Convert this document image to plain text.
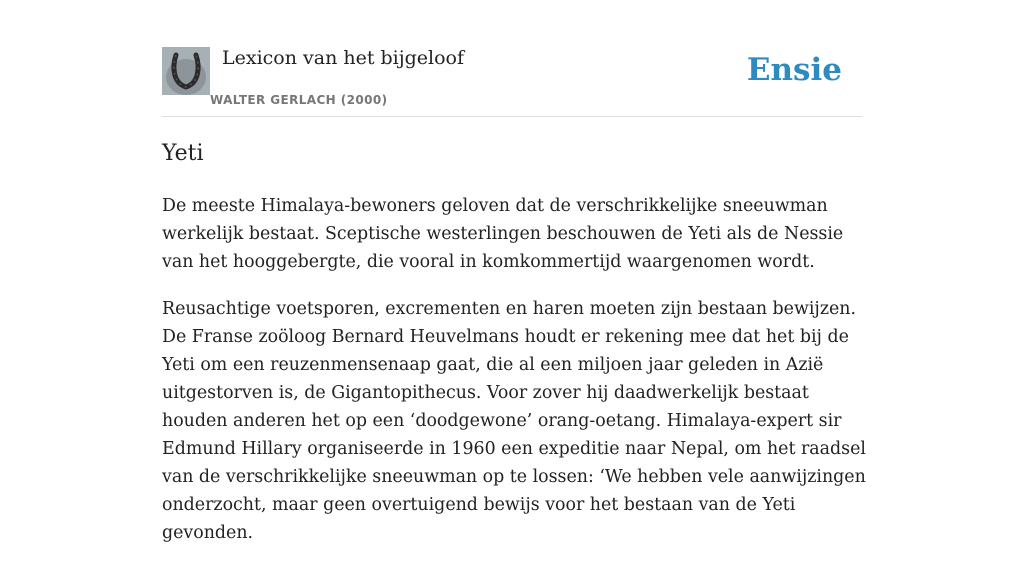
Lexicon van het bijgeloof
WALTER GERLACH (2000)
Ensie
Yeti

De meeste Himalaya-bewoners geloven dat de verschrikkelijke sneeuwman werkelijk bestaat. Sceptische westerlingen beschouwen de Yeti als de Nessie van het hooggebergte, die vooral in komkommertijd waargenomen wordt.

Reusachtige voetsporen, excrementen en haren moeten zijn bestaan bewijzen. De Franse zoöloog Bernard Heuvelmans houdt er rekening mee dat het bij de Yeti om een reuzenmensenaap gaat, die al een miljoen jaar geleden in Azië uitgestorven is, de Gigantopithecus. Voor zover hij daadwerkelijk bestaat houden anderen het op een ‘doodgewone’ orang-oetang. Himalaya-expert sir Edmund Hillary organiseerde in 1960 een expeditie naar Nepal, om het raadsel van de verschrikkelijke sneeuwman op te lossen: ‘We hebben vele aanwijzingen onderzocht, maar geen overtuigend bewijs voor het bestaan van de Yeti gevonden.
